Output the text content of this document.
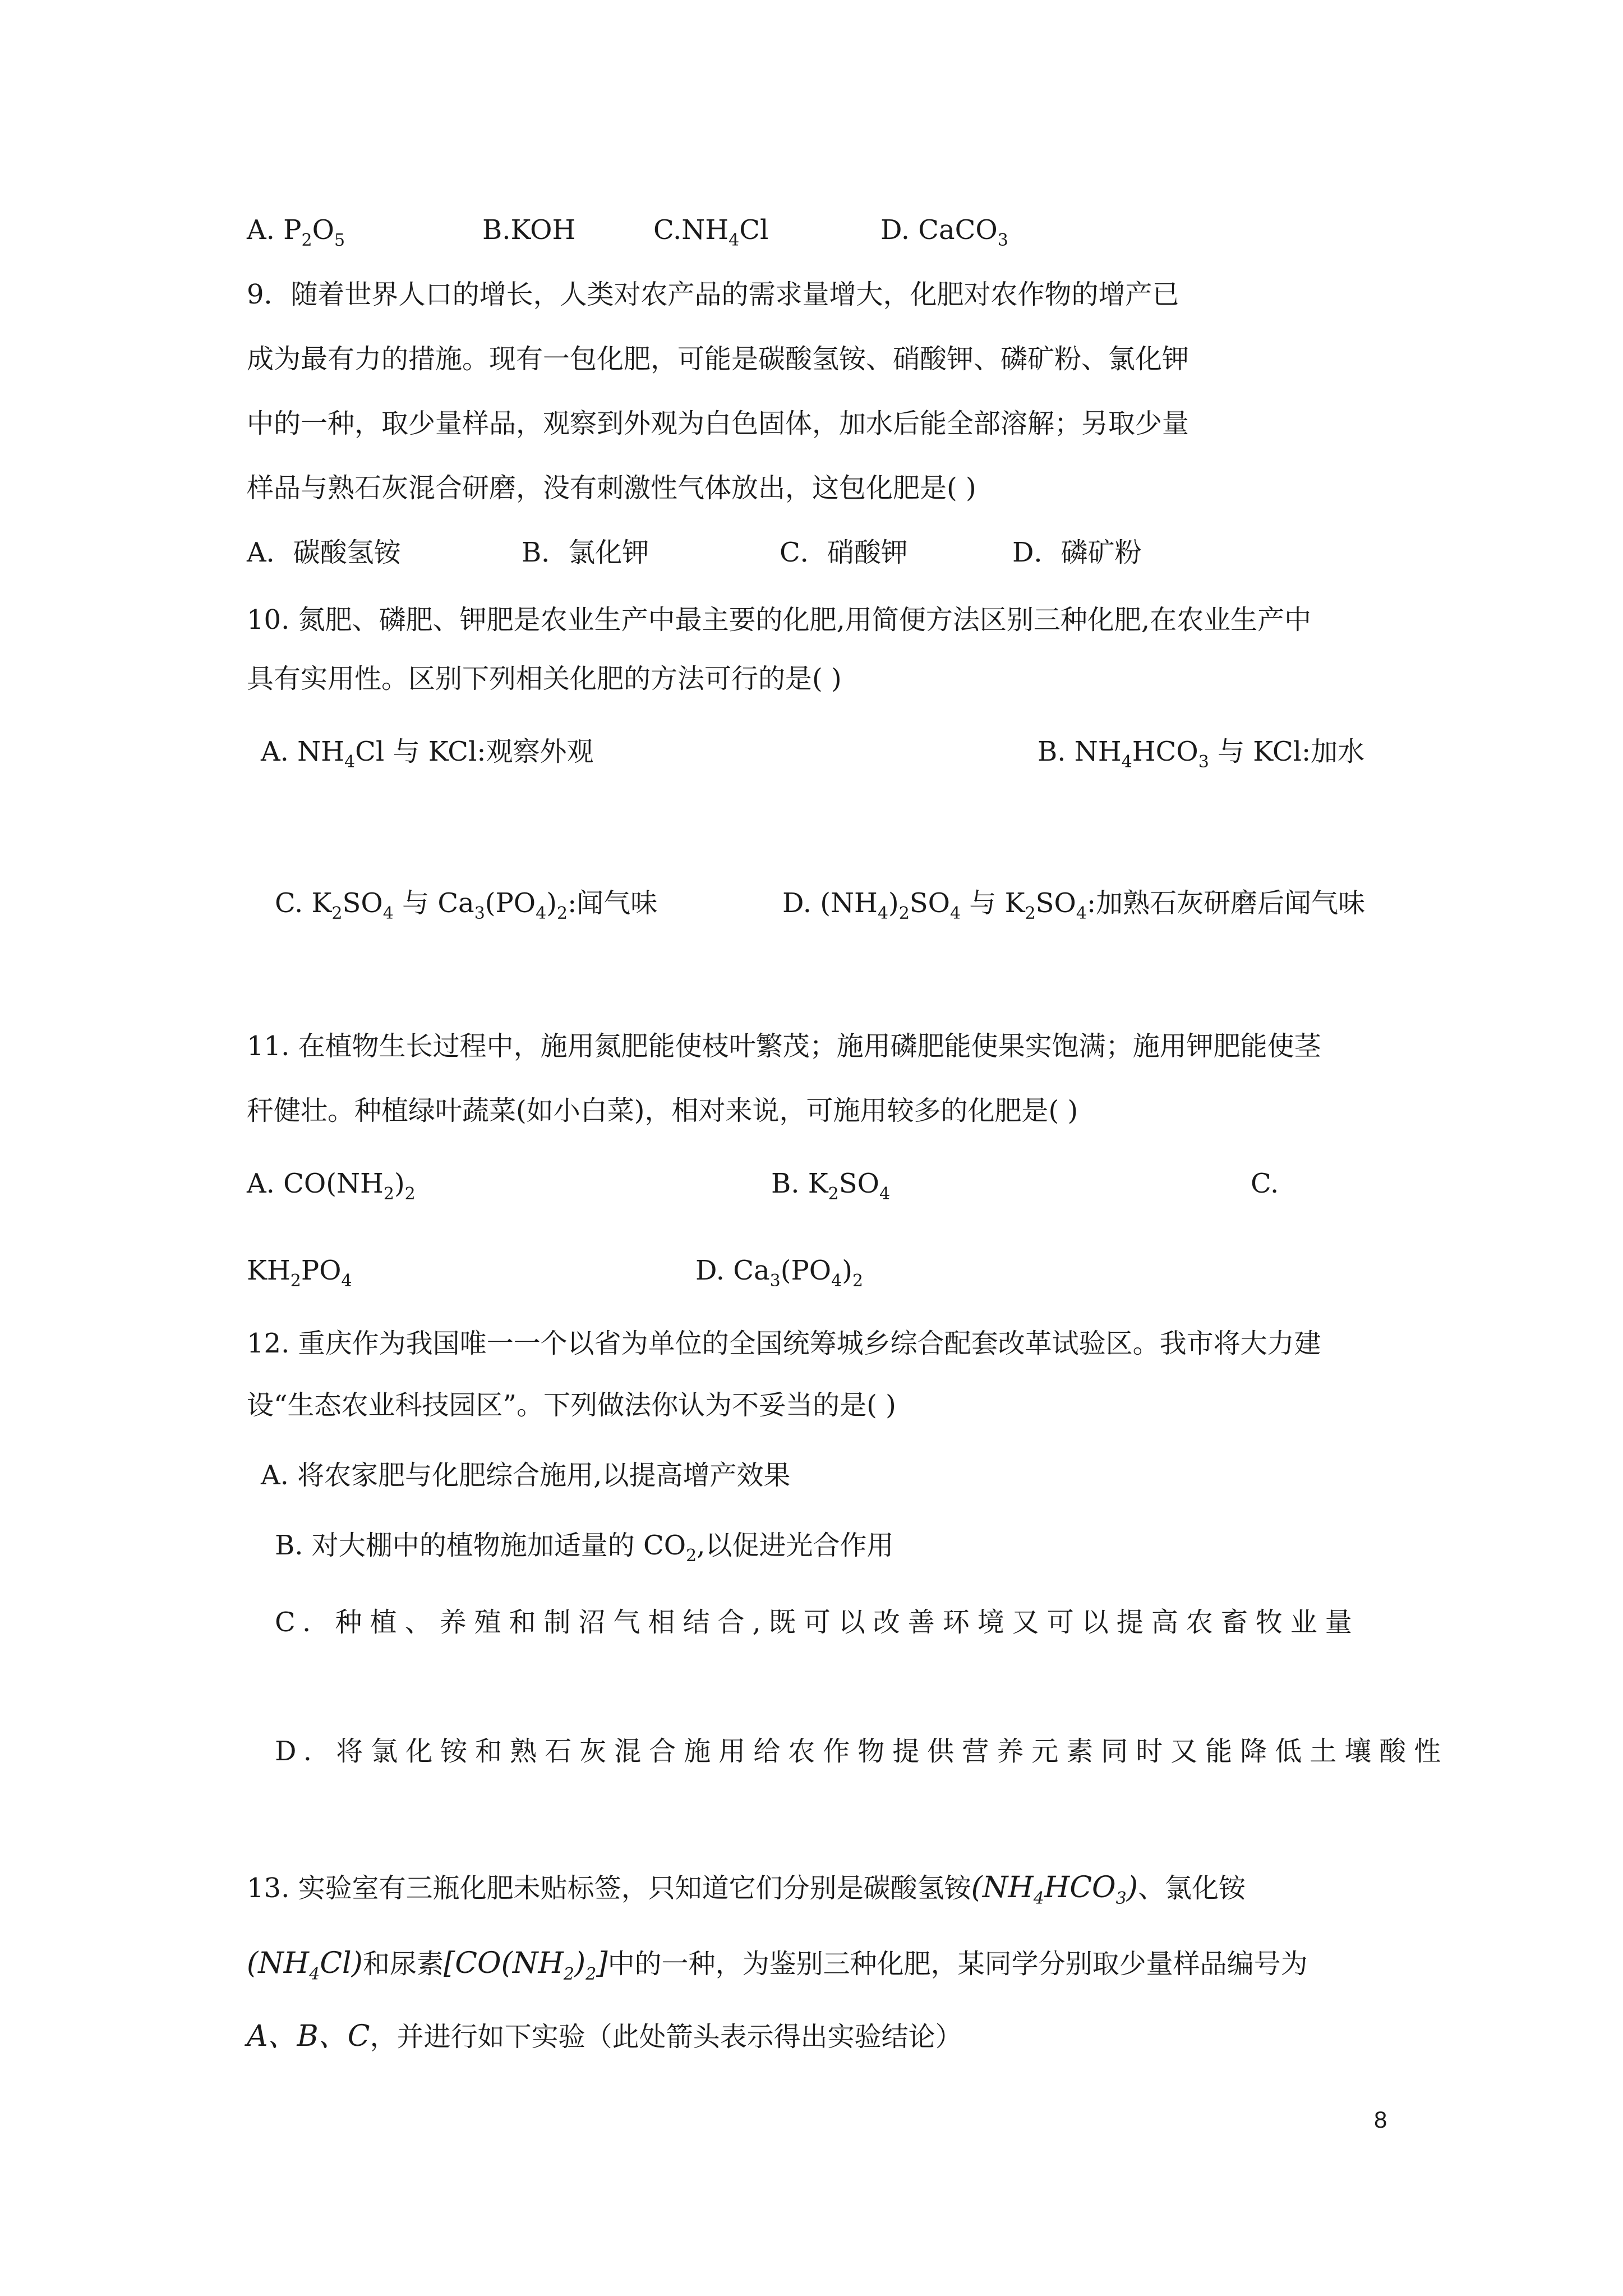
A. $P_2O_5$	B.KOH	$C.NH_4Cl$	D. CaCO$_3$
9．随着世界人口的增长，人类对农产品的需求量增大，化肥对农作物的增产已
成为最有力的措施。现有一包化肥，可能是碳酸氢铵、硝酸钾、磷矿粉、氯化钾
中的一种，取少量样品，观察到外观为白色固体，加水后能全部溶解；另取少量
样品与熟石灰混合研磨，没有刺激性气体放出，这包化肥是( )
A．碳酸氢铵	B．氯化钾	C．硝酸钾	D．磷矿粉
10. 氮肥、磷肥、钾肥是农业生产中最主要的化肥,用简便方法区别三种化肥,在农业生产中
具有实用性。区别下列相关化肥的方法可行的是( )
A. $NH_4Cl$ 与 KCl:观察外观	B. $NH_4HCO_3$ 与 KCl:加水
C. $K_2SO_4$ 与 $Ca_3(PO_4)_2$:闻气味	D. $(NH_4)_2SO_4$ 与 $K_2SO_4$:加熟石灰研磨后闻气味
11. 在植物生长过程中，施用氮肥能使枝叶繁茂；施用磷肥能使果实饱满；施用钾肥能使茎
秆健壮。种植绿叶蔬菜(如小白菜)，相对来说，可施用较多的化肥是( )
A. $CO(NH_2)_2$	B. $K_2SO_4$	C.
$KH_2PO_4$	D. $Ca_3(PO_4)_2$
12. 重庆作为我国唯一一个以省为单位的全国统筹城乡综合配套改革试验区。我市将大力建
设“生态农业科技园区”。下列做法你认为不妥当的是( )
A. 将农家肥与化肥综合施用,以提高增产效果
B. 对大棚中的植物施加适量的 $CO_2$,以促进光合作用
C. 种植、养殖和制沼气相结合,既可以改善环境又可以提高农畜牧业量
D. 将氯化铵和熟石灰混合施用给农作物提供营养元素同时又能降低土壤酸性
13. 实验室有三瓶化肥未贴标签，只知道它们分别是碳酸氢铵$(NH_4HCO_3)$、氯化铵
$(NH_4Cl)$和尿素$[CO(NH_2)_2]$中的一种，为鉴别三种化肥，某同学分别取少量样品编号为
A、B、C，并进行如下实验（此处箭头表示得出实验结论）
8
